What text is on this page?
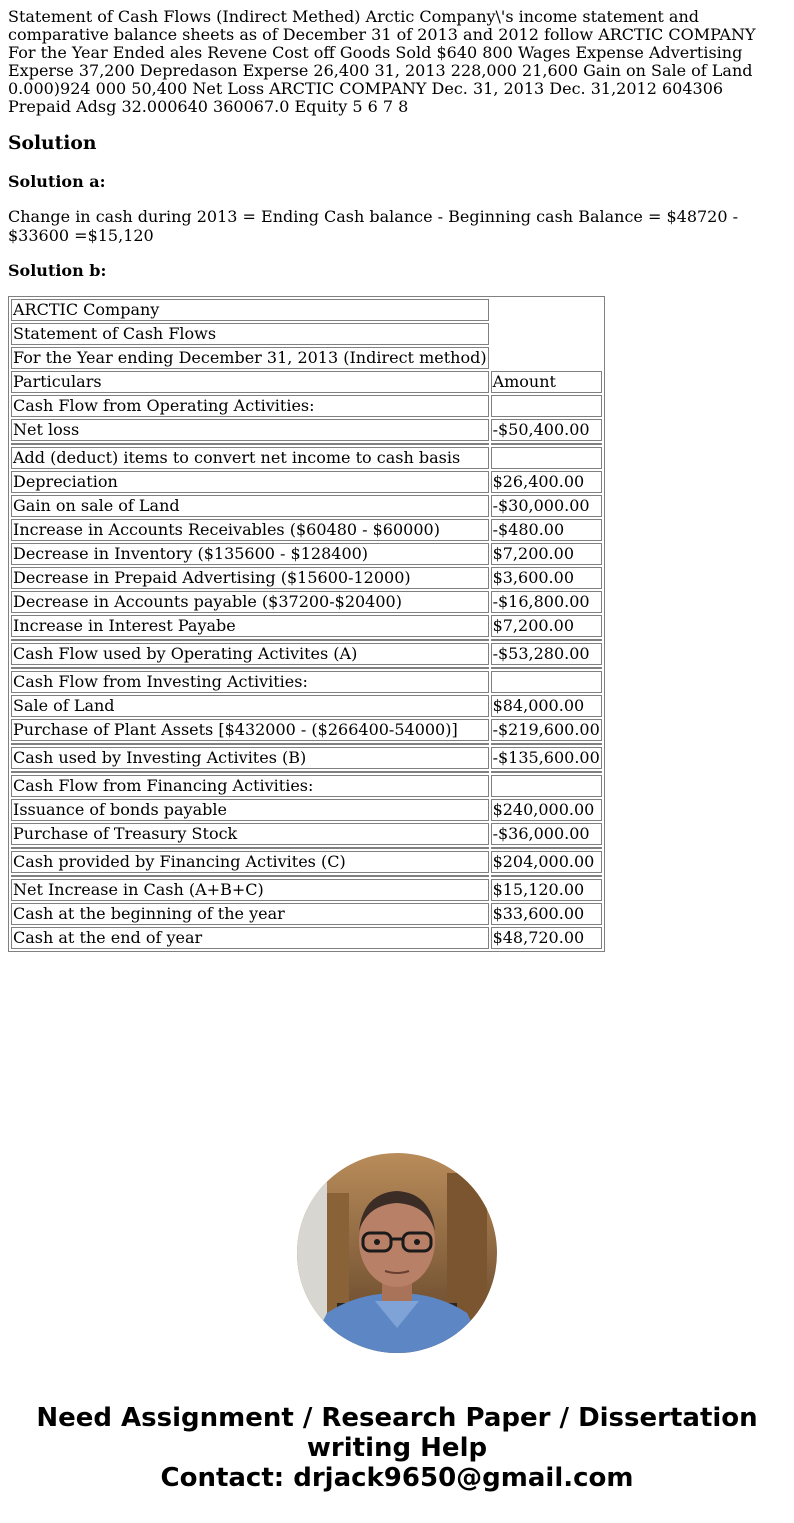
Statement of Cash Flows (Indirect Methed) Arctic Company\'s income statement and comparative balance sheets as of December 31 of 2013 and 2012 follow ARCTIC COMPANY For the Year Ended ales Revene Cost off Goods Sold $640 800 Wages Expense Advertising Experse 37,200 Depredason Experse 26,400 31, 2013 228,000 21,600 Gain on Sale of Land 0.000)924 000 50,400 Net Loss ARCTIC COMPANY Dec. 31, 2013 Dec. 31,2012 604306 Prepaid Adsg 32.000640 360067.0 Equity 5 6 7 8

Solution
Solution a:

Change in cash during 2013 = Ending Cash balance - Beginning cash Balance = $48720 - $33600 =$15,120

Solution b:
ARCTIC Company	
Statement of Cash Flows	
For the Year ending December 31, 2013 (Indirect method)	
Particulars	Amount
Cash Flow from Operating Activities:	
Net loss	-$50,400.00

Add (deduct) items to convert net income to cash basis	
Depreciation	$26,400.00
Gain on sale of Land	-$30,000.00
Increase in Accounts Receivables ($60480 - $60000)	-$480.00
Decrease in Inventory ($135600 - $128400)	$7,200.00
Decrease in Prepaid Advertising ($15600-12000)	$3,600.00
Decrease in Accounts payable ($37200-$20400)	-$16,800.00
Increase in Interest Payabe	$7,200.00

Cash Flow used by Operating Activites (A)	-$53,280.00

Cash Flow from Investing Activities:	
Sale of Land	$84,000.00
Purchase of Plant Assets [$432000 - ($266400-54000)]	-$219,600.00

Cash used by Investing Activites (B)	-$135,600.00

Cash Flow from Financing Activities:	
Issuance of bonds payable	$240,000.00
Purchase of Treasury Stock	-$36,000.00

Cash provided by Financing Activites (C)	$204,000.00

Net Increase in Cash (A+B+C)	$15,120.00
Cash at the beginning of the year	$33,600.00
Cash at the end of year	$48,720.00
Need Assignment / Research Paper / Dissertation
writing Help
Contact: drjack9650@gmail.com
